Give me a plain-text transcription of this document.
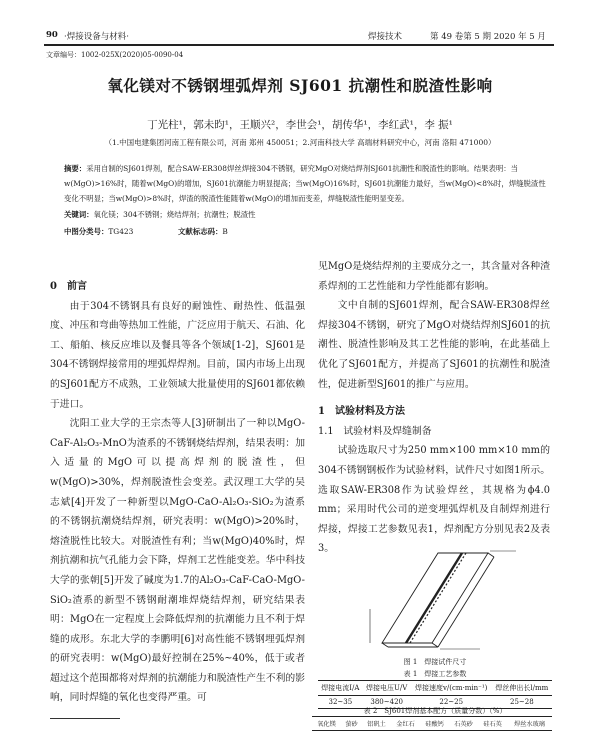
90 ·焊接设备与材料·	焊接技术	第 49 卷第 5 期 2020 年 5 月
文章编号：1002-025X(2020)05-0090-04
氧化镁对不锈钢埋弧焊剂 SJ601 抗潮性和脱渣性影响
丁光柱¹，郭未昀¹，王顺兴²，李世会¹，胡传华¹，李红武¹，李 振¹
（1.中国电建集团河南工程有限公司，河南 郑州 450051；2.河南科技大学 高端材料研究中心，河南 洛阳 471000）
摘要：采用自制的SJ601焊剂，配合SAW-ER308焊丝焊接304不锈钢，研究MgO对烧结焊剂SJ601抗潮性和脱渣性的影响。结果表明：当w(MgO)>16%时，随着w(MgO)的增加，SJ601抗潮能力明显提高；当w(MgO)16%时，SJ601抗潮能力最好，当w(MgO)<8%时，焊缝脱渣性变化不明显；当w(MgO)>8%时，焊渣的脱渣性能随着w(MgO)的增加而变差，焊缝脱渣性能明显变差。
关键词：氧化镁；304不锈钢；烧结焊剂；抗潮性；脱渣性
中图分类号：TG423	文献标志码：B
0　前言

由于304不锈钢具有良好的耐蚀性、耐热性、低温强度、冲压和弯曲等热加工性能，广泛应用于航天、石油、化工、船舶、核反应堆以及餐具等各个领域[1-2]，SJ601是304不锈钢焊接常用的埋弧焊焊剂。目前，国内市场上出现的SJ601配方不成熟，工业领域大批量使用的SJ601都依赖于进口。

沈阳工业大学的王宗杰等人[3]研制出了一种以MgO-CaF-Al₂O₃-MnO为渣系的不锈钢烧结焊剂，结果表明：加入适量的MgO可以提高焊剂的脱渣性，但w(MgO)>30%，焊剂脱渣性会变差。武汉理工大学的吴志斌[4]开发了一种新型以MgO-CaO-Al₂O₃-SiO₂为渣系的不锈钢抗潮烧结焊剂，研究表明：w(MgO)>20%时，熔渣脱性比较大。对脱渣性有利；当w(MgO)40%时，焊剂抗潮和抗气孔能力会下降，焊剂工艺性能变差。华中科技大学的张朝[5]开发了碱度为1.7的Al₂O₃-CaF-CaO-MgO-SiO₂渣系的新型不锈钢耐潮堆焊烧结焊剂，研究结果表明：MgO在一定程度上会降低焊剂的抗潮能力且不利于焊缝的成形。东北大学的李鹏明[6]对高性能不锈钢埋弧焊剂的研究表明：w(MgO)最好控制在25%~40%，低于或者超过这个范围都将对焊剂的抗潮能力和脱渣性产生不利的影响，同时焊缝的氧化也变得严重。可

见MgO是烧结焊剂的主要成分之一，其含量对各种渣系焊剂的工艺性能和力学性能都有影响。

文中自制的SJ601焊剂，配合SAW-ER308焊丝焊接304不锈钢，研究了MgO对烧结焊剂SJ601的抗潮性、脱渣性影响及其工艺性能的影响，在此基础上优化了SJ601配方，并提高了SJ601的抗潮性和脱渣性，促进新型SJ601的推广与应用。

1　试验材料及方法
1.1　试验材料及焊缝制备

试验选取尺寸为250 mm×100 mm×10 mm的304不锈钢钢板作为试验材料，试件尺寸如图1所示。选取SAW-ER308作为试验焊丝，其规格为ϕ4.0 mm；采用时代公司的逆变埋弧焊机及自制焊剂进行焊接，焊接工艺参数见表1，焊剂配方分别见表2及表3。

图 1　焊接试件尺寸
表 1　焊接工艺参数
焊接电流I/A	焊接电压U/V	焊接速度v/(cm·min⁻¹)	焊丝伸出长l/mm
32~35	380~420	22~25	25~28
表 2　SJ601焊剂基本配方（质量分数）（%）
氧化镁	萤砂	铝矾土	金红石	硅酸钙	石英砂	硅石英	焊丝水玻璃
